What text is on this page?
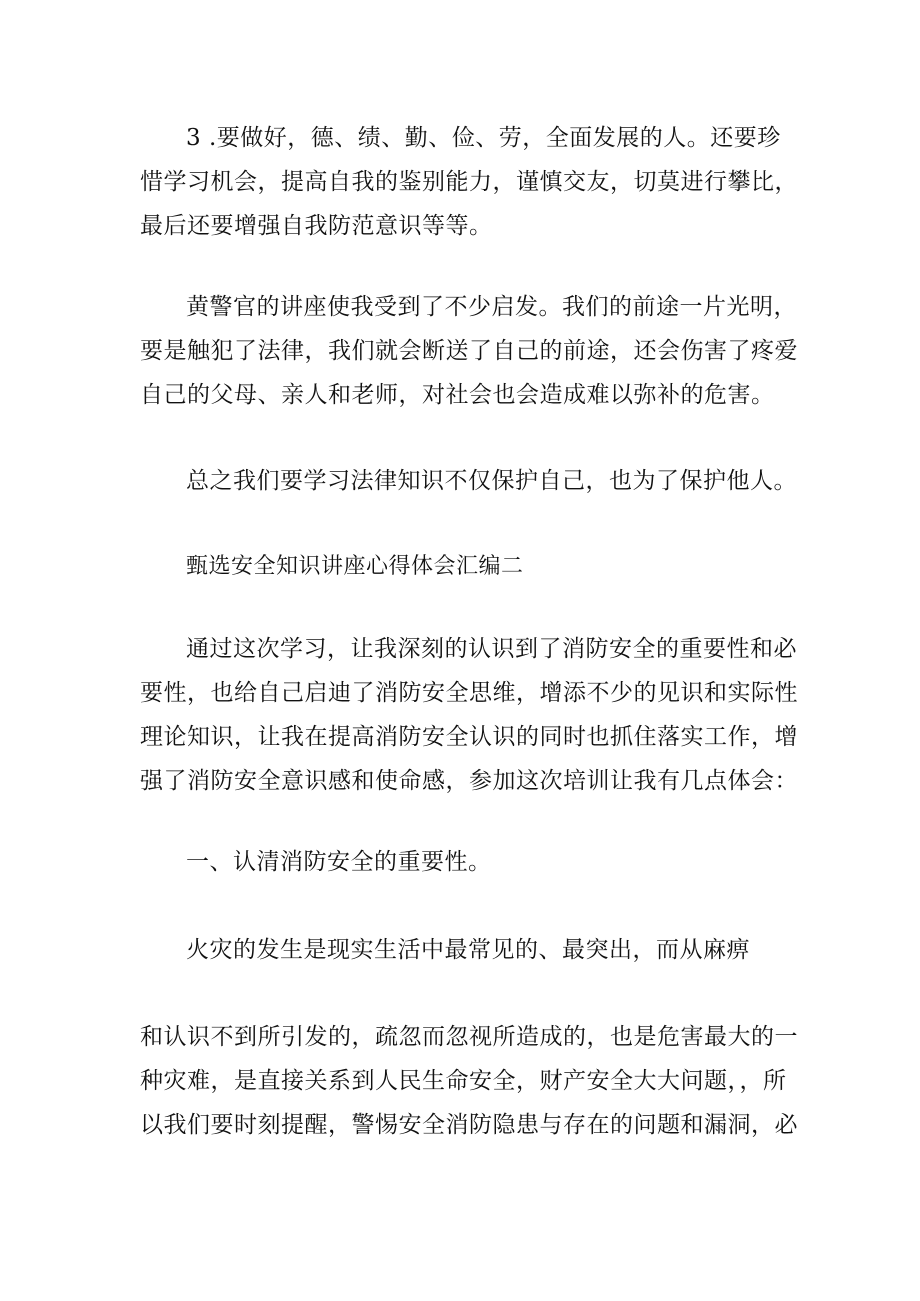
3 .要做好，德、绩、勤、俭、劳，全面发展的人。还要珍
惜学习机会，提高自我的鉴别能力，谨慎交友，切莫进行攀比，
最后还要增强自我防范意识等等。
黄警官的讲座使我受到了不少启发。我们的前途一片光明，
要是触犯了法律，我们就会断送了自己的前途，还会伤害了疼爱
自己的父母、亲人和老师，对社会也会造成难以弥补的危害。
总之我们要学习法律知识不仅保护自己，也为了保护他人。
甄选安全知识讲座心得体会汇编二
通过这次学习，让我深刻的认识到了消防安全的重要性和必
要性，也给自己启迪了消防安全思维，增添不少的见识和实际性
理论知识，让我在提高消防安全认识的同时也抓住落实工作，增
强了消防安全意识感和使命感，参加这次培训让我有几点体会：
一、认清消防安全的重要性。
火灾的发生是现实生活中最常见的、最突出，而从麻痹
和认识不到所引发的，疏忽而忽视所造成的，也是危害最大的一
种灾难，是直接关系到人民生命安全，财产安全大大问题，，所
以我们要时刻提醒，警惕安全消防隐患与存在的问题和漏洞，必
